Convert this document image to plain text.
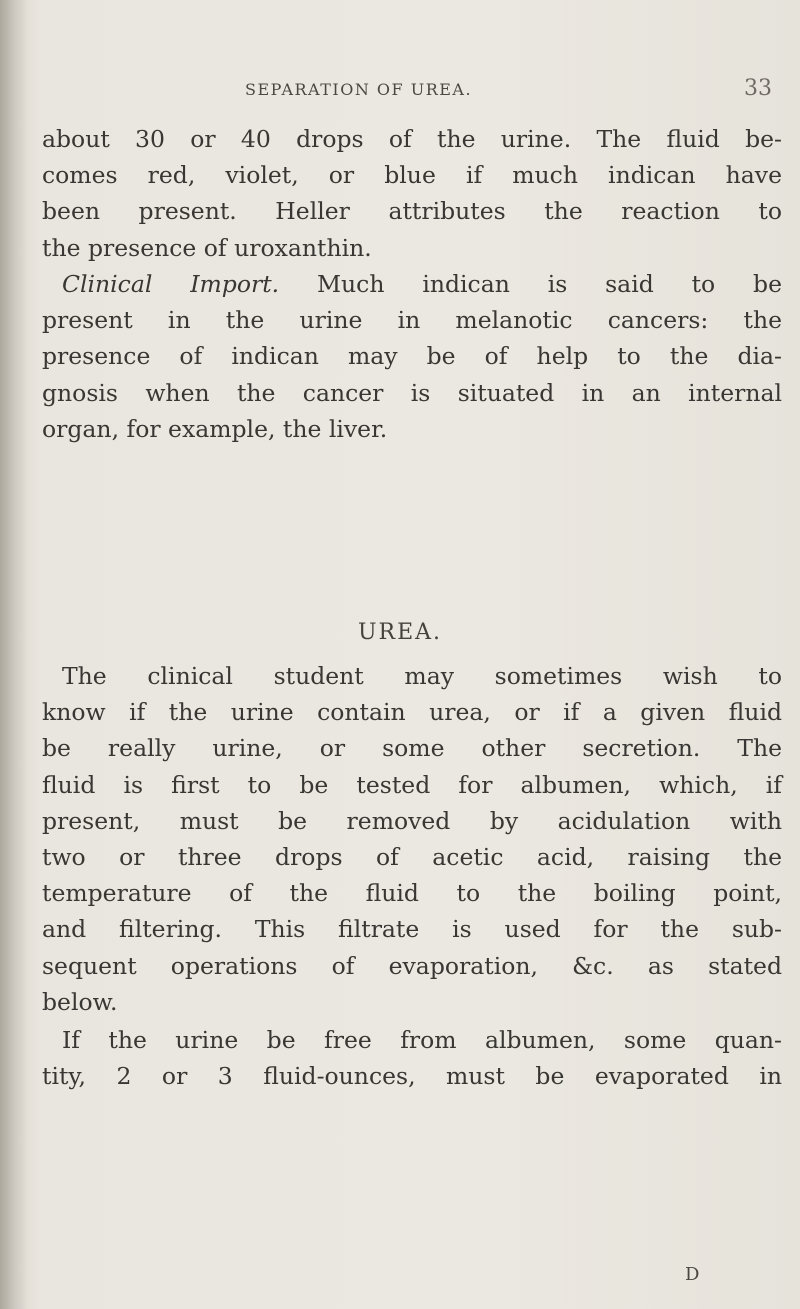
SEPARATION OF UREA.	33
about 30 or 40 drops of the urine. The fluid be-
comes red, violet, or blue if much indican have
been present. Heller attributes the reaction to
the presence of uroxanthin.
Clinical Import. Much indican is said to be
present in the urine in melanotic cancers: the
presence of indican may be of help to the dia-
gnosis when the cancer is situated in an internal
organ, for example, the liver.
UREA.
The clinical student may sometimes wish to
know if the urine contain urea, or if a given fluid
be really urine, or some other secretion. The
fluid is first to be tested for albumen, which, if
present, must be removed by acidulation with
two or three drops of acetic acid, raising the
temperature of the fluid to the boiling point,
and filtering. This filtrate is used for the sub-
sequent operations of evaporation, &c. as stated
below.
If the urine be free from albumen, some quan-
tity, 2 or 3 fluid-ounces, must be evaporated in
D
